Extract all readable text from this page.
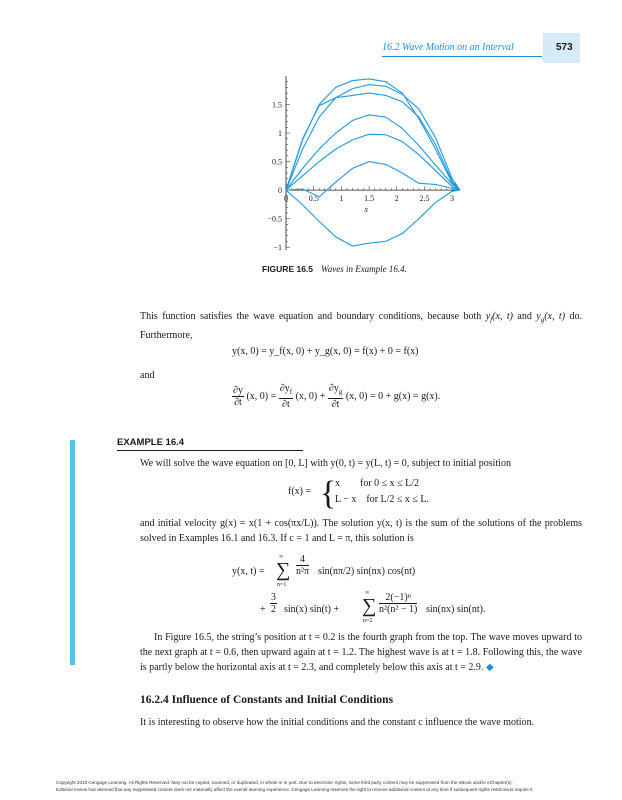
16.2 Wave Motion on an Interval	573
1.5
1
0.5
0
−0.5
−1
0	0.5	1	1.5	2	2.5	3
x
FIGURE 16.5 Waves in Example 16.4.
This function satisfies the wave equation and boundary conditions, because both $y_f(x$, t) and $y_g(x$, t) do. Furthermore,
y(x, 0) = y_f(x, 0) + y_g(x, 0) = f(x) + 0 = f(x)
and
$\frac{\partial y}{\partial t} (x$, $0) = \frac{\partial y_f}{\partial t} (x$, $0) + \frac{\partial y_g}{\partial t} (x$, 0) = 0 + g(x) = g(x).
EXAMPLE 16.4
We will solve the wave equation on [0, L] with y(0, t) = y(L, t) = 0, subject to initial position
f(x) = {
x        for 0 ≤ x ≤ L/2
L − x    for L/2 ≤ x ≤ L.
and initial velocity g(x) = x(1 + cos(πx/L)). The solution y(x, t) is the sum of the solutions of the problems solved in Examples 16.1 and 16.3. If c = 1 and L = π, this solution is
y(x, t) =
∞
∑
n=1
$\frac{4}{\text{n²π}} \sin(n\pi/2)$ sin(nx) cos(nt)
+ $\frac{3}{2} \sin(x) \sin(t)$ +
∞
∑
n=2
$\frac{\text{2(−1)ⁿ}}{\text{n²(n² − 1)}} \sin(nx)$ sin(nt).
In Figure 16.5, the string’s position at t = 0.2 is the fourth graph from the top. The wave moves upward to the next graph at t = 0.6, then upward again at t = 1.2. The highest wave is at t = 1.8. Following this, the wave is partly below the horizontal axis at t = 2.3, and completely below this axis at t = 2.9. ◆
16.2.4 Influence of Constants and Initial Conditions
It is interesting to observe how the initial conditions and the constant c influence the wave motion.
Copyright 2010 Cengage Learning. All Rights Reserved. May not be copied, scanned, or duplicated, in whole or in part. Due to electronic rights, some third party content may be suppressed from the eBook and/or eChapter(s).
Editorial review has deemed that any suppressed content does not materially affect the overall learning experience. Cengage Learning reserves the right to remove additional content at any time if subsequent rights restrictions require it.
